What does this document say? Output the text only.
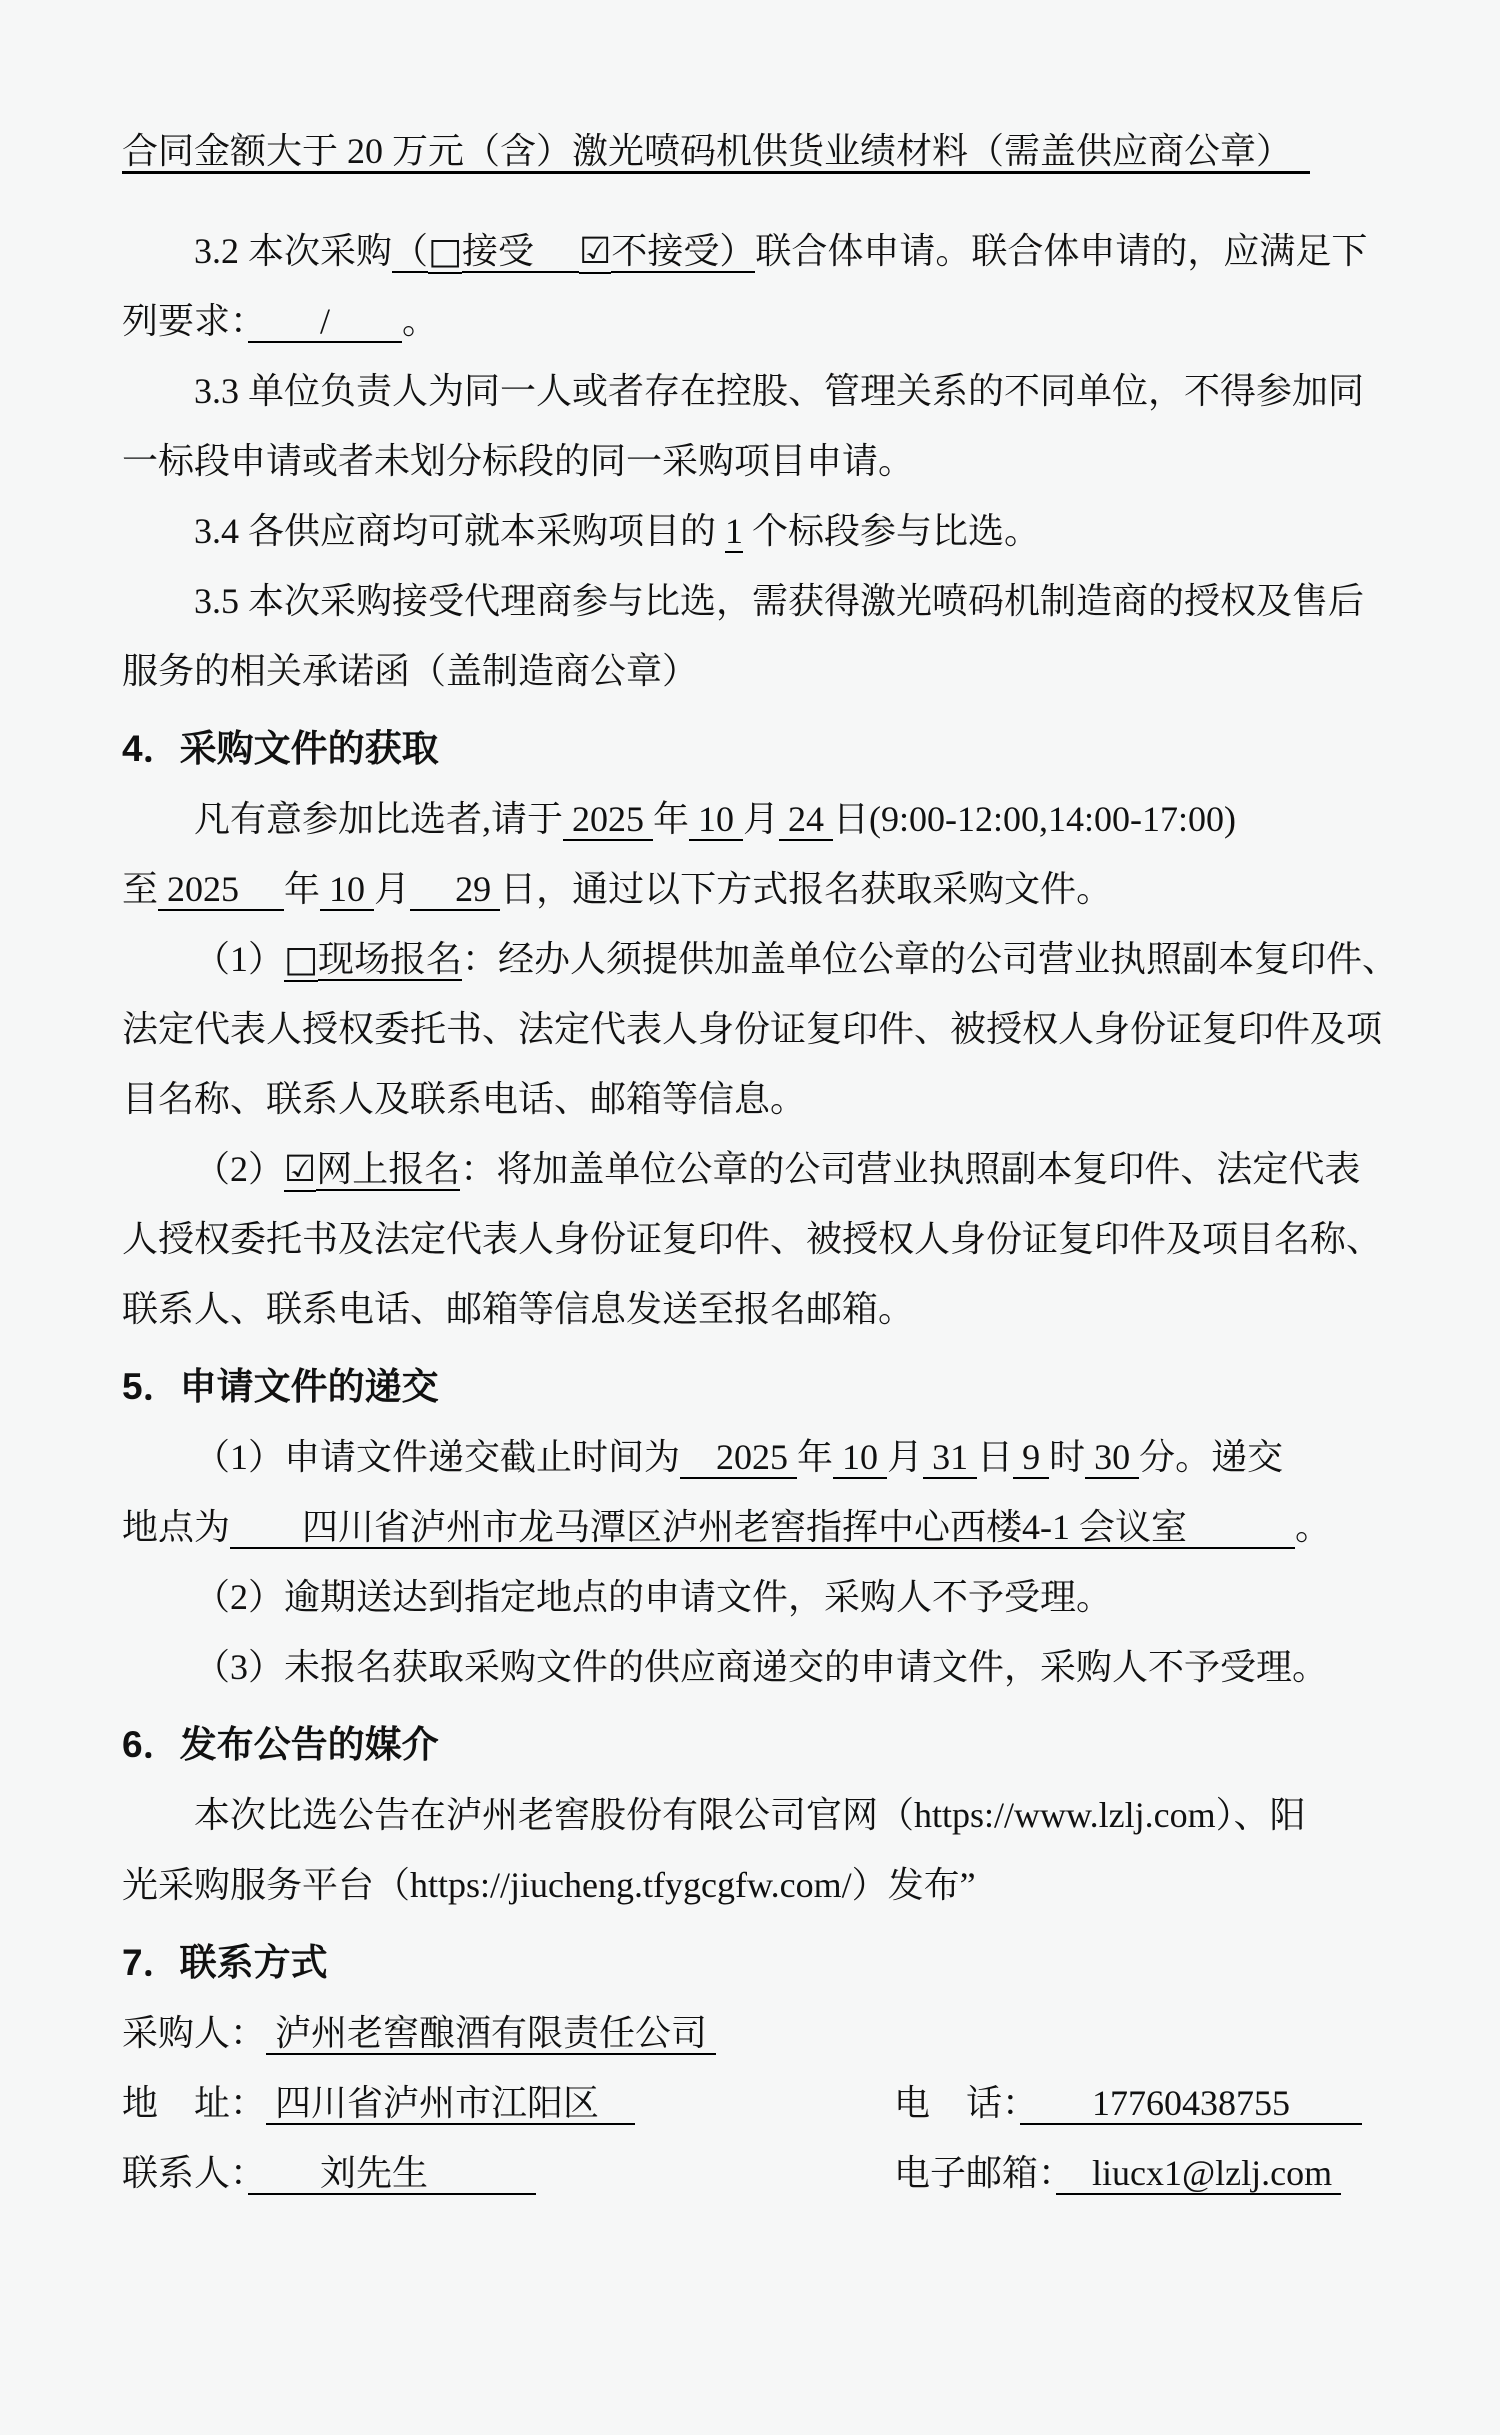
合同金额大于 20 万元（含）激光喷码机供货业绩材料（需盖供应商公章）　
3.2 本次采购（□接受　 ☑不接受）联合体申请。联合体申请的，应满足下
列要求：　　/　　。
3.3 单位负责人为同一人或者存在控股、管理关系的不同单位，不得参加同
一标段申请或者未划分标段的同一采购项目申请。
3.4 各供应商均可就本采购项目的 1 个标段参与比选。
3.5 本次采购接受代理商参与比选，需获得激光喷码机制造商的授权及售后
服务的相关承诺函（盖制造商公章）
4．采购文件的获取
凡有意参加比选者,请于 2025 年 10 月 24 日(9:00-12:00,14:00-17:00)
至 2025　 年 10 月 　29 日，通过以下方式报名获取采购文件。
（1）□现场报名：经办人须提供加盖单位公章的公司营业执照副本复印件、
法定代表人授权委托书、法定代表人身份证复印件、被授权人身份证复印件及项
目名称、联系人及联系电话、邮箱等信息。
（2）☑网上报名：将加盖单位公章的公司营业执照副本复印件、法定代表
人授权委托书及法定代表人身份证复印件、被授权人身份证复印件及项目名称、
联系人、联系电话、邮箱等信息发送至报名邮箱。
5．申请文件的递交
（1）申请文件递交截止时间为　2025 年 10 月 31 日 9 时 30 分。递交
地点为　　四川省泸州市龙马潭区泸州老窖指挥中心西楼4-1 会议室　　　。
（2）逾期送达到指定地点的申请文件，采购人不予受理。
（3）未报名获取采购文件的供应商递交的申请文件，采购人不予受理。
6．发布公告的媒介
本次比选公告在泸州老窖股份有限公司官网（https://www.lzlj.com）、阳
光采购服务平台（https://jiucheng.tfygcgfw.com/）发布”
7．联系方式
采购人： 泸州老窖酿酒有限责任公司
地　址： 四川省泸州市江阳区　	电　话：　　17760438755　　
联系人：　　刘先生　　　	电子邮箱：　liucx1@lzlj.com
